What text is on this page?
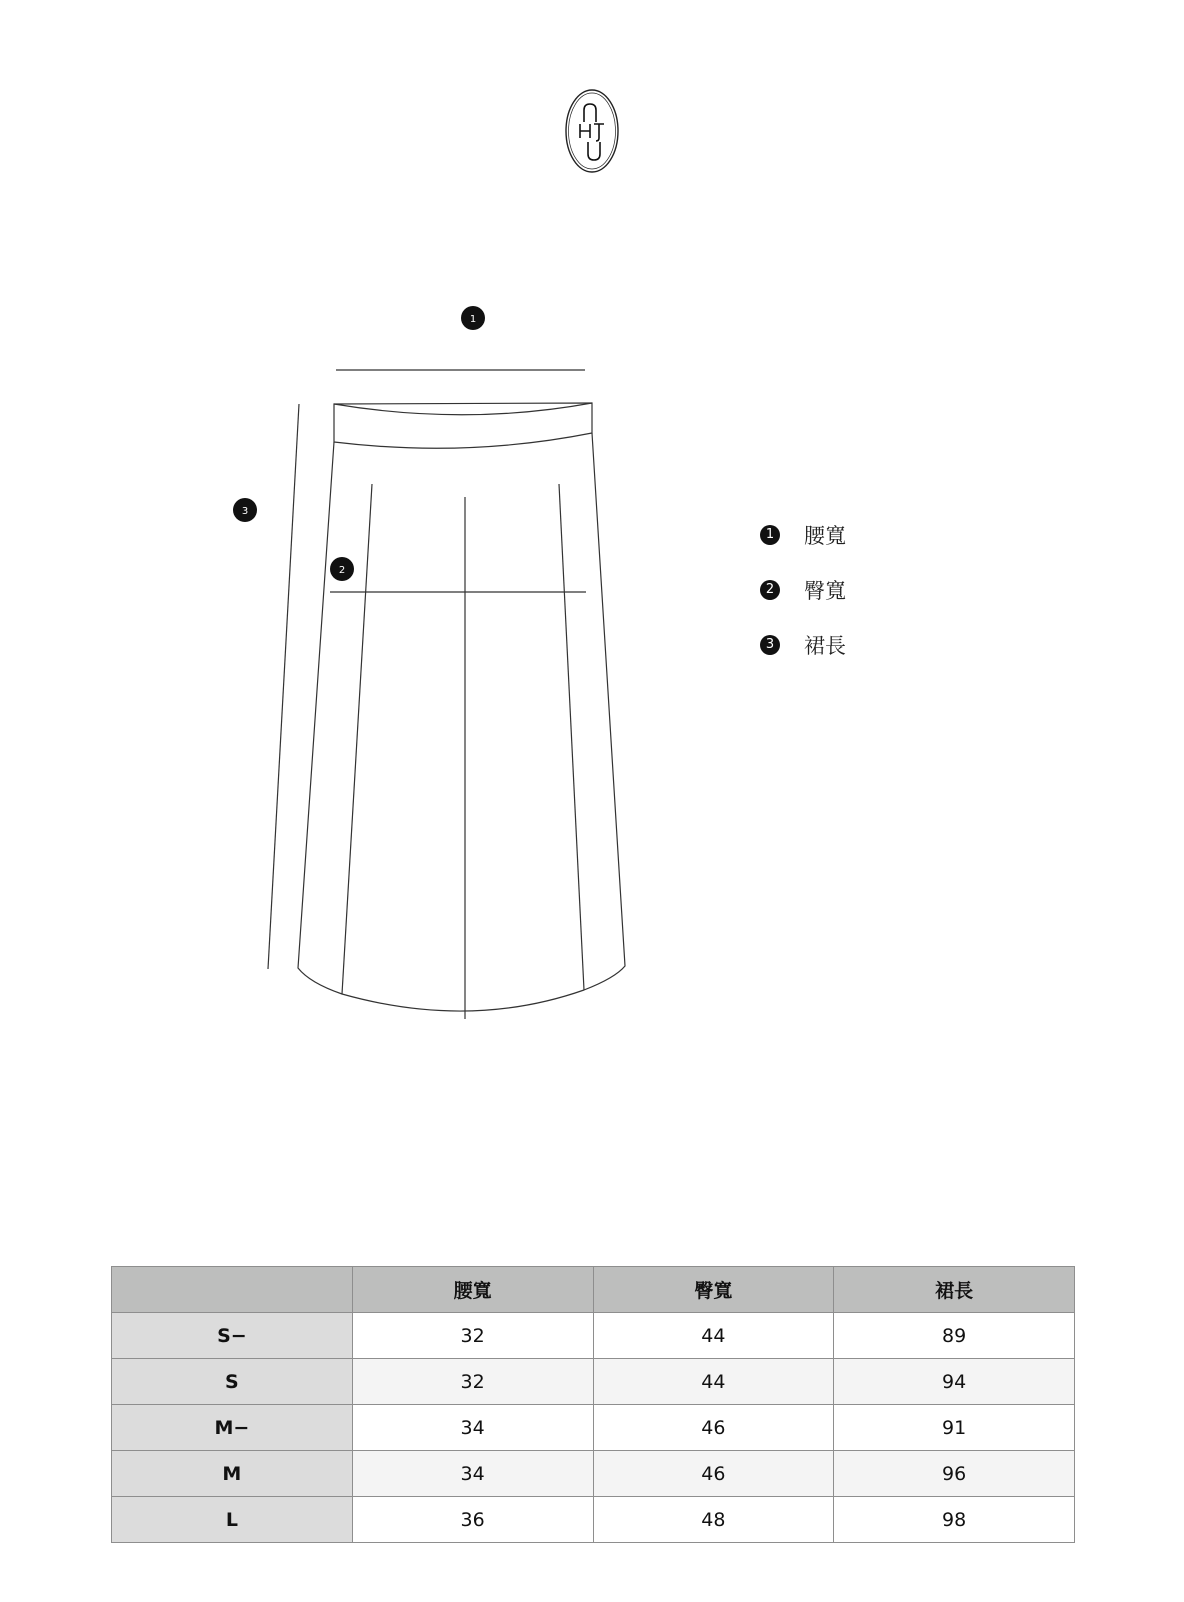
1
2
3
1 腰寬
2 臀寬
3 裙長
	腰寬	臀寬	裙長
S−	32	44	89
S	32	44	94
M−	34	46	91
M	34	46	96
L	36	48	98
